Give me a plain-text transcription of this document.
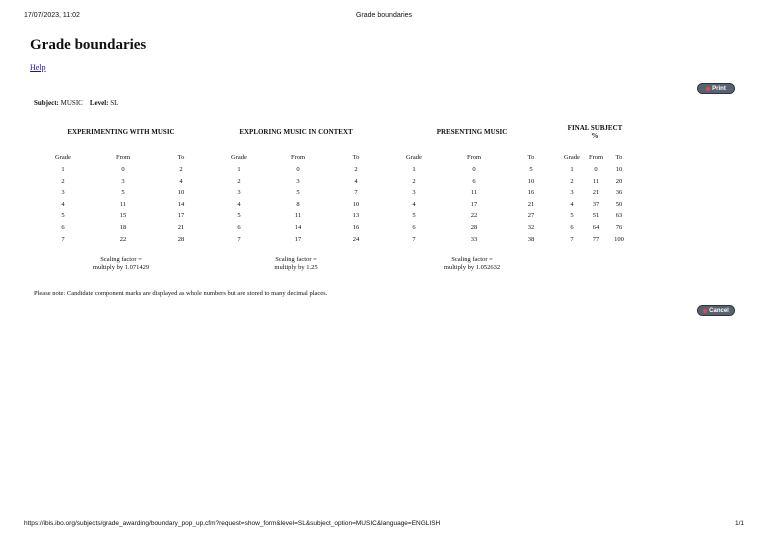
17/07/2023, 11:02	Grade boundaries
Grade boundaries
Help
Print
Subject: MUSIC Level: SL
EXPERIMENTING WITH MUSIC
Grade	From	To
1	0	2
2	3	4
3	5	10
4	11	14
5	15	17
6	18	21
7	22	28
Scaling factor =
multiply by 1.071429
EXPLORING MUSIC IN CONTEXT
Grade	From	To
1	0	2
2	3	4
3	5	7
4	8	10
5	11	13
6	14	16
7	17	24
Scaling factor =
multiply by 1.25
PRESENTING MUSIC
Grade	From	To
1	0	5
2	6	10
3	11	16
4	17	21
5	22	27
6	28	32
7	33	38
Scaling factor =
multiply by 1.052632
FINAL SUBJECT
%
Grade From To
1	0	10
2	11	20
3	21	36
4	37	50
5	51	63
6	64	76
7	77 100
Please note: Candidate component marks are displayed as whole numbers but are stored to many decimal places.
Cancel
https://ibis.ibo.org/subjects/grade_awarding/boundary_pop_up.cfm?request=show_form&level=SL&subject_option=MUSIC&language=ENGLISH	1/1
